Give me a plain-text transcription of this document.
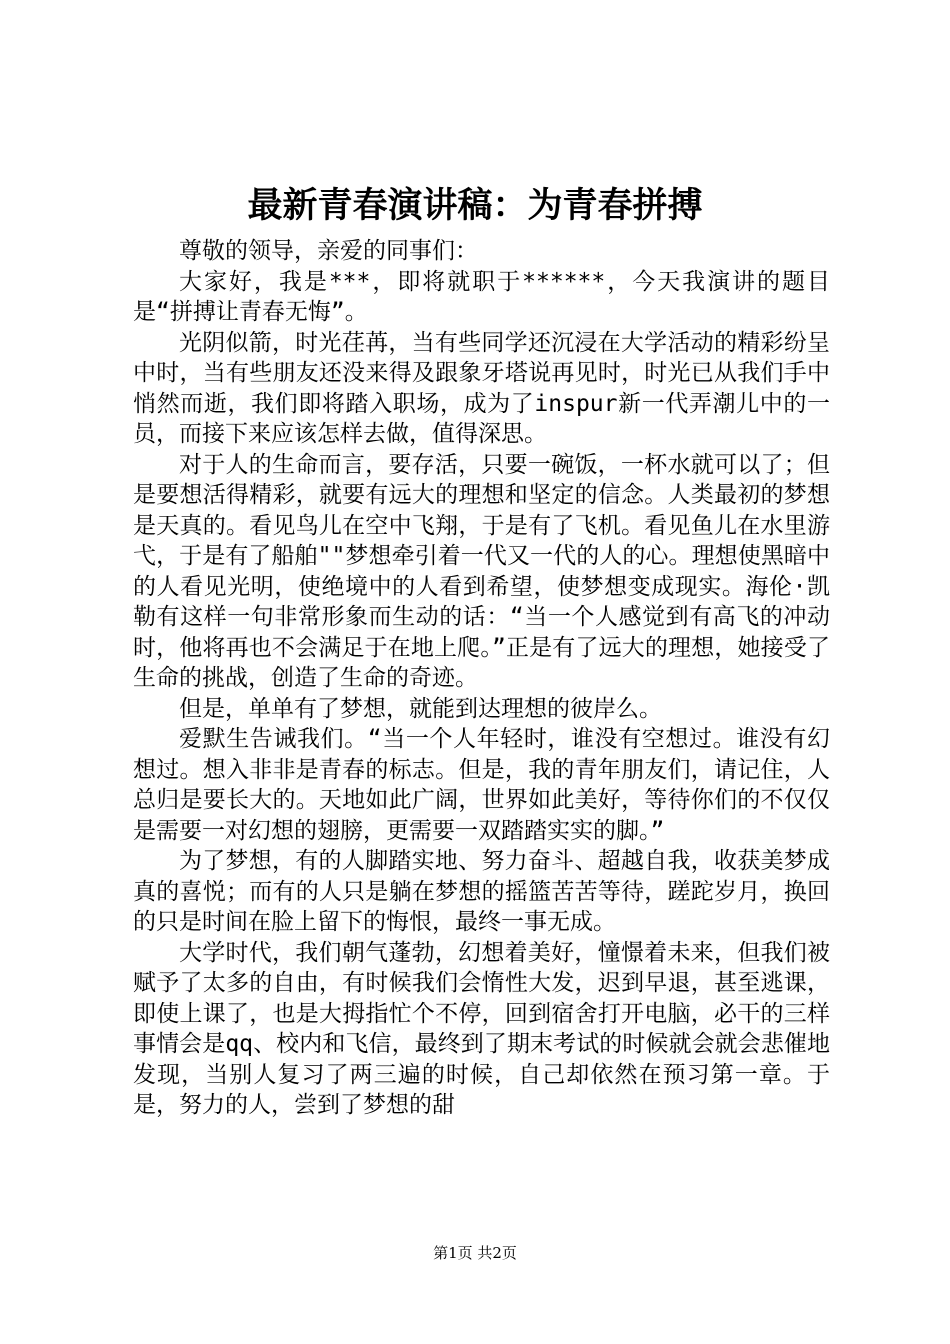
最新青春演讲稿：为青春拼搏

尊敬的领导，亲爱的同事们：

大家好，我是***，即将就职于******，今天我演讲的题目是“拼搏让青春无悔”。

光阴似箭，时光荏苒，当有些同学还沉浸在大学活动的精彩纷呈中时，当有些朋友还没来得及跟象牙塔说再见时，时光已从我们手中悄然而逝，我们即将踏入职场，成为了inspur新一代弄潮儿中的一员，而接下来应该怎样去做，值得深思。

对于人的生命而言，要存活，只要一碗饭，一杯水就可以了；但是要想活得精彩，就要有远大的理想和坚定的信念。人类最初的梦想是天真的。看见鸟儿在空中飞翔，于是有了飞机。看见鱼儿在水里游弋，于是有了船舶""梦想牵引着一代又一代的人的心。理想使黑暗中的人看见光明，使绝境中的人看到希望，使梦想变成现实。海伦·凯勒有这样一句非常形象而生动的话：“当一个人感觉到有高飞的冲动时，他将再也不会满足于在地上爬。”正是有了远大的理想，她接受了生命的挑战，创造了生命的奇迹。

但是，单单有了梦想，就能到达理想的彼岸么。

爱默生告诫我们。“当一个人年轻时，谁没有空想过。谁没有幻想过。想入非非是青春的标志。但是，我的青年朋友们，请记住，人总归是要长大的。天地如此广阔，世界如此美好，等待你们的不仅仅是需要一对幻想的翅膀，更需要一双踏踏实实的脚。”

为了梦想，有的人脚踏实地、努力奋斗、超越自我，收获美梦成真的喜悦；而有的人只是躺在梦想的摇篮苦苦等待，蹉跎岁月，换回的只是时间在脸上留下的悔恨，最终一事无成。

大学时代，我们朝气蓬勃，幻想着美好，憧憬着未来，但我们被赋予了太多的自由，有时候我们会惰性大发，迟到早退，甚至逃课，即使上课了，也是大拇指忙个不停，回到宿舍打开电脑，必干的三样事情会是qq、校内和飞信，最终到了期末考试的时候就会就会悲催地发现，当别人复习了两三遍的时候，自己却依然在预习第一章。于是，努力的人，尝到了梦想的甜

第1页 共2页
